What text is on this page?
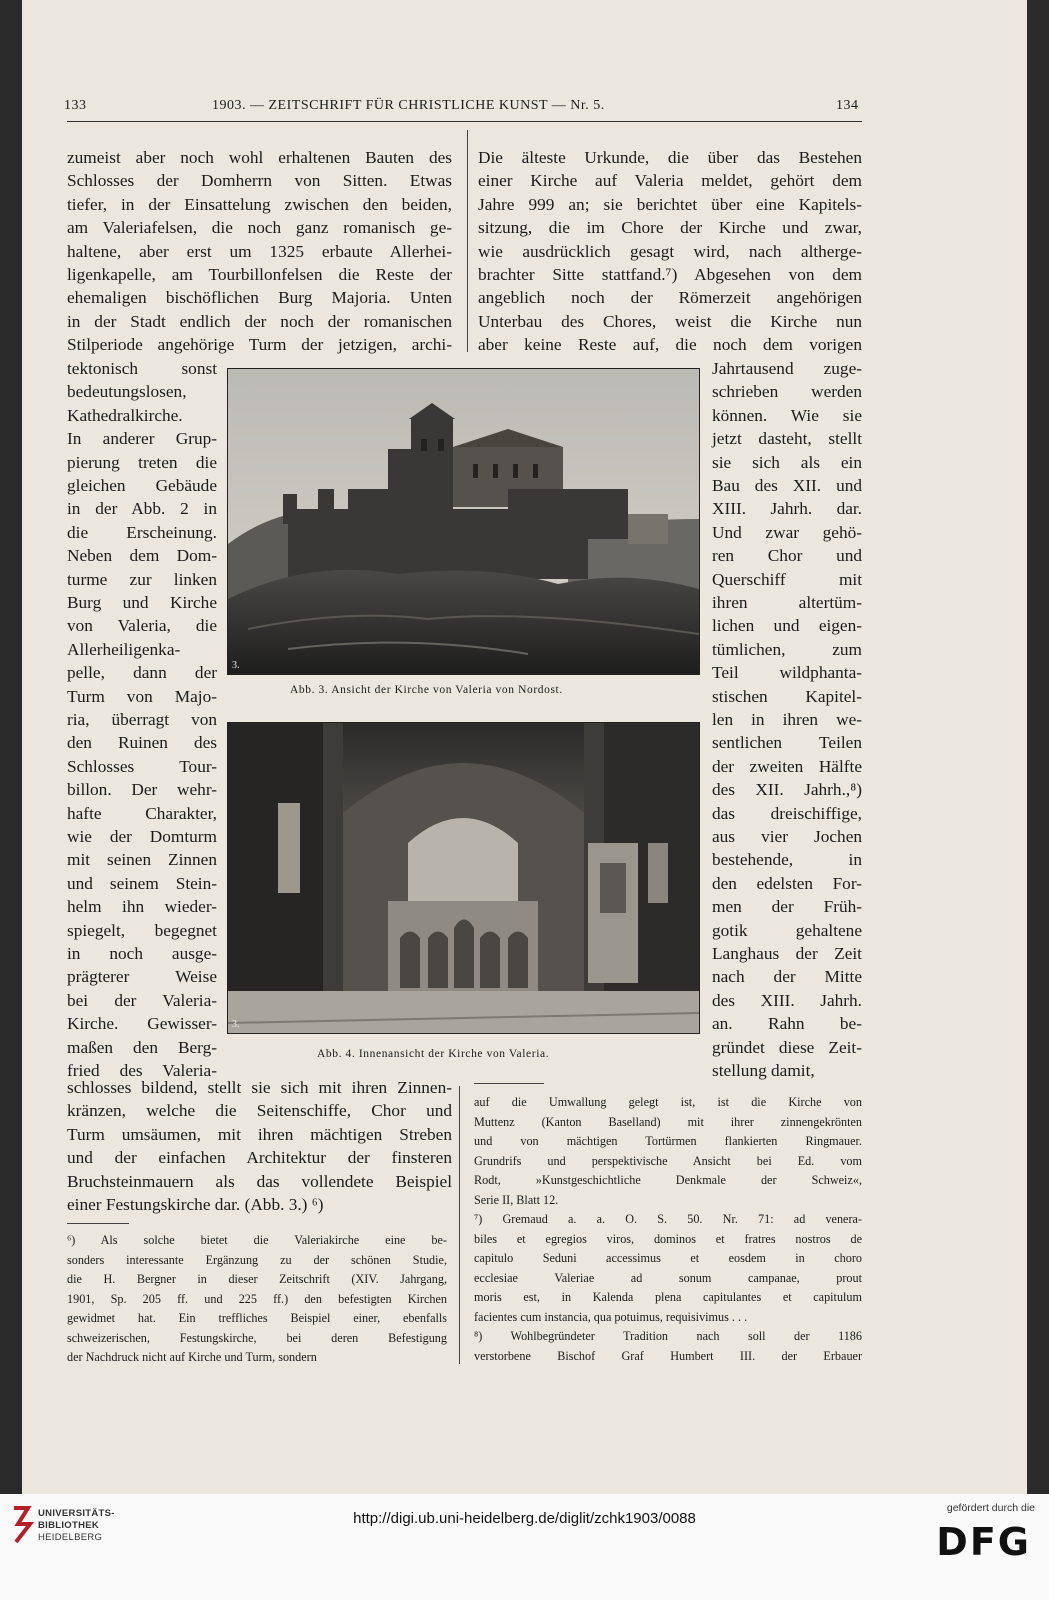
133	1903. — ZEITSCHRIFT FÜR CHRISTLICHE KUNST — Nr. 5.	134
zumeist aber noch wohl erhaltenen Bauten des
Schlosses der Domherrn von Sitten. Etwas
tiefer, in der Einsattelung zwischen den beiden,
am Valeriafelsen, die noch ganz romanisch ge-
haltene, aber erst um 1325 erbaute Allerhei-
ligenkapelle, am Tourbillonfelsen die Reste der
ehemaligen bischöflichen Burg Majoria. Unten
in der Stadt endlich der noch der romanischen
Stilperiode angehörige Turm der jetzigen, archi-
tektonisch sonst
bedeutungslosen,
Kathedralkirche.
In anderer Grup-
pierung treten die
gleichen Gebäude
in der Abb. 2 in
die Erscheinung.
Neben dem Dom-
turme zur linken
Burg und Kirche
von Valeria, die
Allerheiligenka-
pelle, dann der
Turm von Majo-
ria, überragt von
den Ruinen des
Schlosses Tour-
billon. Der wehr-
hafte Charakter,
wie der Domturm
mit seinen Zinnen
und seinem Stein-
helm ihn wieder-
spiegelt, begegnet
in noch ausge-
prägterer Weise
bei der Valeria-
Kirche. Gewisser-
maßen den Berg-
fried des Valeria-
schlosses bildend, stellt sie sich mit ihren Zinnen-
kränzen, welche die Seitenschiffe, Chor und
Turm umsäumen, mit ihren mächtigen Streben
und der einfachen Architektur der finsteren
Bruchsteinmauern als das vollendete Beispiel
einer Festungskirche dar. (Abb. 3.) ⁶)
Die älteste Urkunde, die über das Bestehen
einer Kirche auf Valeria meldet, gehört dem
Jahre 999 an; sie berichtet über eine Kapitels-
sitzung, die im Chore der Kirche und zwar,
wie ausdrücklich gesagt wird, nach altherge-
brachter Sitte stattfand.⁷) Abgesehen von dem
angeblich noch der Römerzeit angehörigen
Unterbau des Chores, weist die Kirche nun
aber keine Reste auf, die noch dem vorigen
Jahrtausend zuge-
schrieben werden
können. Wie sie
jetzt dasteht, stellt
sie sich als ein
Bau des XII. und
XIII. Jahrh. dar.
Und zwar gehö-
ren Chor und
Querschiff mit
ihren altertüm-
lichen und eigen-
tümlichen, zum
Teil wildphanta-
stischen Kapitel-
len in ihren we-
sentlichen Teilen
der zweiten Hälfte
des XII. Jahrh.,⁸)
das dreischiffige,
aus vier Jochen
bestehende, in
den edelsten For-
men der Früh-
gotik gehaltene
Langhaus der Zeit
nach der Mitte
des XIII. Jahrh.
an. Rahn be-
gründet diese Zeit-
stellung damit,
⁶) Als solche bietet die Valeriakirche eine be-
sonders interessante Ergänzung zu der schönen Studie,
die H. Bergner in dieser Zeitschrift (XIV. Jahrgang,
1901, Sp. 205 ff. und 225 ff.) den befestigten Kirchen
gewidmet hat. Ein treffliches Beispiel einer, ebenfalls
schweizerischen, Festungskirche, bei deren Befestigung
der Nachdruck nicht auf Kirche und Turm, sondern
auf die Umwallung gelegt ist, ist die Kirche von
Muttenz (Kanton Baselland) mit ihrer zinnengekrönten
und von mächtigen Tortürmen flankierten Ringmauer.
Grundrifs und perspektivische Ansicht bei Ed. vom
Rodt, »Kunstgeschichtliche Denkmale der Schweiz«,
Serie II, Blatt 12.
⁷) Gremaud a. a. O. S. 50. Nr. 71: ad venera-
biles et egregios viros, dominos et fratres nostros de
capitulo Seduni accessimus et eosdem in choro
ecclesiae Valeriae ad sonum campanae, prout
moris est, in Kalenda plena capitulantes et capitulum
facientes cum instancia, qua potuimus, requisivimus . . .
⁸) Wohlbegründeter Tradition nach soll der 1186
verstorbene Bischof Graf Humbert III. der Erbauer
3.
Abb. 3. Ansicht der Kirche von Valeria von Nordost.
3.
Abb. 4. Innenansicht der Kirche von Valeria.
UNIVERSITÄTS-
BIBLIOTHEK
HEIDELBERG
http://digi.ub.uni-heidelberg.de/diglit/zchk1903/0088
gefördert durch die
DFG
